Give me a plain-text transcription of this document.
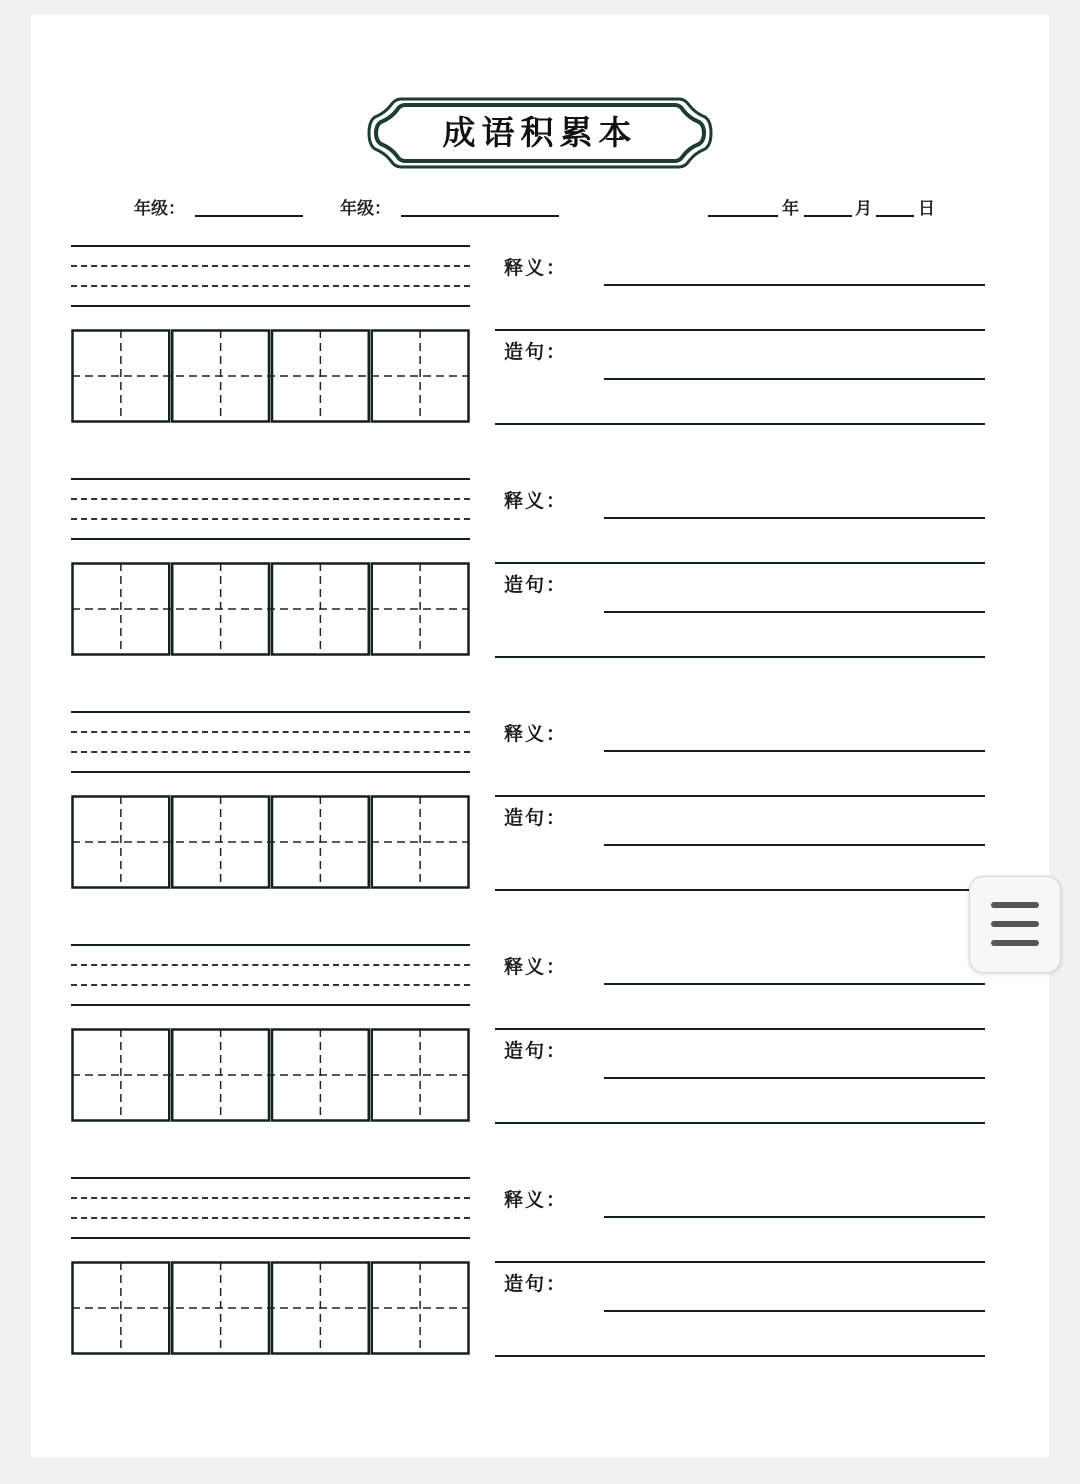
成语积累本
年级：	年级：	年	月	日
释义：
造句：
释义：
造句：
释义：
造句：
释义：
造句：
释义：
造句：
